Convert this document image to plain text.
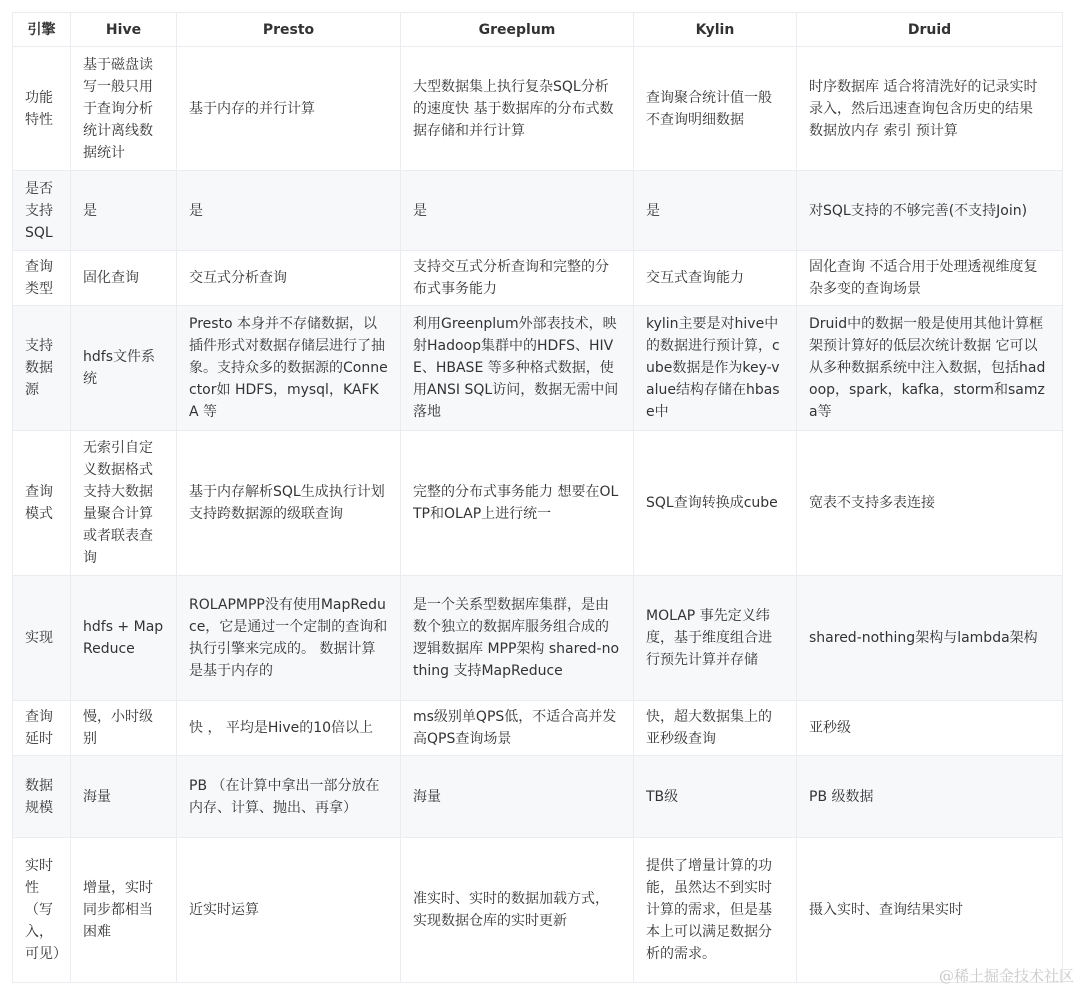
引擎	Hive	Presto	Greeplum	Kylin	Druid
功能特性	基于磁盘读写一般只用于查询分析统计离线数据统计	基于内存的并行计算	大型数据集上执行复杂SQL分析的速度快 基于数据库的分布式数据存储和并行计算	查询聚合统计值一般不查询明细数据	时序数据库 适合将清洗好的记录实时录入，然后迅速查询包含历史的结果 数据放内存 索引 预计算
是否支持SQL	是	是	是	是	对SQL支持的不够完善(不支持Join)
查询类型	固化查询	交互式分析查询	支持交互式分析查询和完整的分布式事务能力	交互式查询能力	固化查询 不适合用于处理透视维度复杂多变的查询场景
支持数据源	hdfs文件系统	Presto 本身并不存储数据，以插件形式对数据存储层进行了抽象。支持众多的数据源的Connector如 HDFS，mysql，KAFKA 等	利用Greenplum外部表技术，映射Hadoop集群中的HDFS、HIVE、HBASE 等多种格式数据，使用ANSI SQL访问，数据无需中间落地	kylin主要是对hive中的数据进行预计算，cube数据是作为key-value结构存储在hbase中	Druid中的数据一般是使用其他计算框架预计算好的低层次统计数据 它可以从多种数据系统中注入数据，包括hadoop，spark，kafka，storm和samza等
查询模式	无索引自定义数据格式支持大数据量聚合计算或者联表查询	基于内存解析SQL生成执行计划 支持跨数据源的级联查询	完整的分布式事务能力 想要在OLTP和OLAP上进行统一	SQL查询转换成cube	宽表不支持多表连接
实现	hdfs + Map Reduce	ROLAPMPP没有使用MapReduce，它是通过一个定制的查询和执行引擎来完成的。 数据计算是基于内存的	是一个关系型数据库集群，是由数个独立的数据库服务组合成的逻辑数据库 MPP架构 shared-nothing 支持MapReduce	MOLAP 事先定义纬度，基于维度组合进行预先计算并存储	shared-nothing架构与lambda架构
查询延时	慢，小时级别	快 ， 平均是Hive的10倍以上	ms级别单QPS低，不适合高并发高QPS查询场景	快，超大数据集上的亚秒级查询	亚秒级
数据规模	海量	PB （在计算中拿出一部分放在内存、计算、抛出、再拿）	海量	TB级	PB 级数据
实时性（写入，可见）	增量，实时同步都相当困难	近实时运算	准实时、实时的数据加载方式，实现数据仓库的实时更新	提供了增量计算的功能，虽然达不到实时计算的需求，但是基本上可以满足数据分析的需求。	摄入实时、查询结果实时
@稀土掘金技术社区
